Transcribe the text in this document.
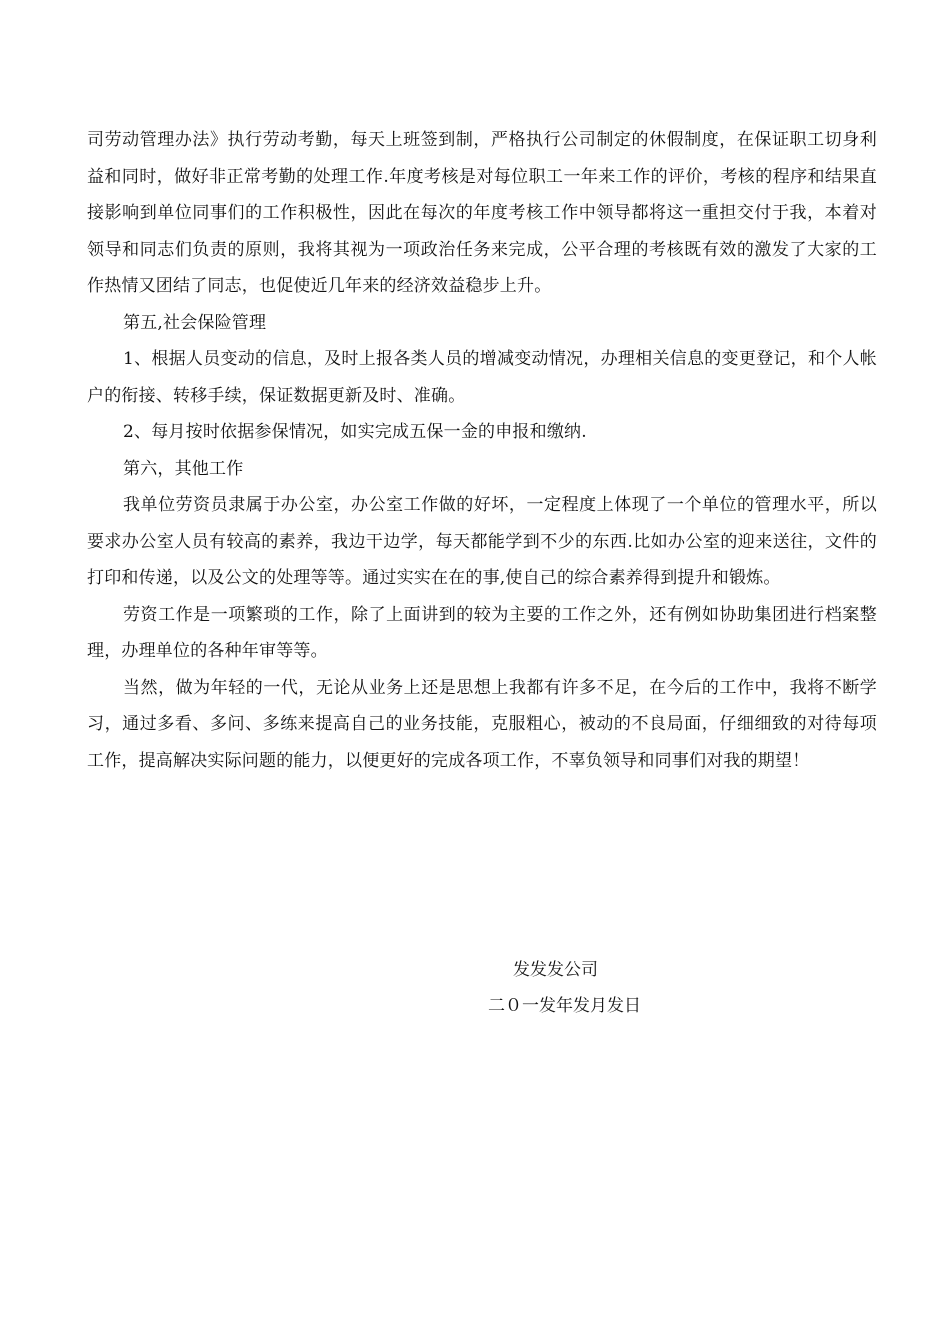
司劳动管理办法》执行劳动考勤，每天上班签到制，严格执行公司制定的休假制度，在保证职工切身利益和同时，做好非正常考勤的处理工作.年度考核是对每位职工一年来工作的评价，考核的程序和结果直接影响到单位同事们的工作积极性，因此在每次的年度考核工作中领导都将这一重担交付于我，本着对领导和同志们负责的原则，我将其视为一项政治任务来完成，公平合理的考核既有效的激发了大家的工作热情又团结了同志，也促使近几年来的经济效益稳步上升。

第五,社会保险管理

1、根据人员变动的信息，及时上报各类人员的增减变动情况，办理相关信息的变更登记，和个人帐户的衔接、转移手续，保证数据更新及时、准确。

2、每月按时依据参保情况，如实完成五保一金的申报和缴纳.

第六，其他工作

我单位劳资员隶属于办公室，办公室工作做的好坏，一定程度上体现了一个单位的管理水平，所以要求办公室人员有较高的素养，我边干边学，每天都能学到不少的东西.比如办公室的迎来送往，文件的打印和传递，以及公文的处理等等。通过实实在在的事,使自己的综合素养得到提升和锻炼。

劳资工作是一项繁琐的工作，除了上面讲到的较为主要的工作之外，还有例如协助集团进行档案整理，办理单位的各种年审等等。

当然，做为年轻的一代，无论从业务上还是思想上我都有许多不足，在今后的工作中，我将不断学习，通过多看、多问、多练来提高自己的业务技能，克服粗心，被动的不良局面，仔细细致的对待每项工作，提高解决实际问题的能力，以便更好的完成各项工作，不辜负领导和同事们对我的期望！

发发发公司
二０一发年发月发日
